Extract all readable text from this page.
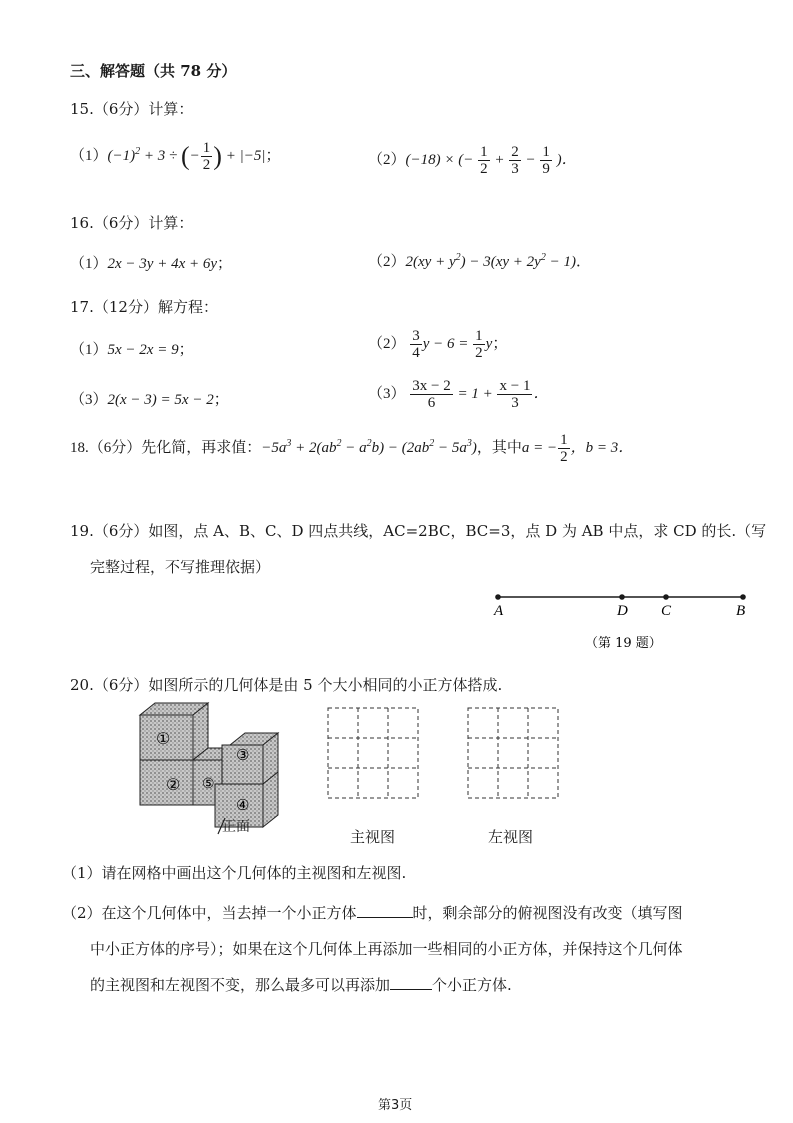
三、解答题（共 78 分）
15.（6分）计算：
$(1)(-1)^2 + 3$ ÷ (− $\frac{1}{2}$ ) + |−5|；	（2）(−18) × (− $\frac{1}{2} + \frac{2}{3} - \frac{1}{9}$ )．
16.（6分）计算：
（1）2x − 3y + 4x + 6y；	$(2)2(xy + y^2) - 3(xy + 2y^2 - 1)$．
17.（12分）解方程：
（1）5x − 2x = 9；	$(2) \frac{3}{4}$ $y - 6 = \frac{1}{2}$ y；
（3）2(x − 3) = 5x − 2；	$(3) \frac{3x - 2}{6} = 1 + \frac{x - 1}{3}$ ．
18.（6分）先化简，再求值：$-5a^3 + 2(ab^2 - a^2b) - (2ab^2 - 5a^3)$，其中a = − $\frac{1}{2}$ ，b = 3．
19.（6分）如图，点 A、B、C、D 四点共线，AC=2BC，BC=3，点 D 为 AB 中点，求 CD 的长.（写
完整过程，不写推理依据）
A	D C	B
（第 19 题）
20.（6分）如图所示的几何体是由 5 个大小相同的小正方体搭成.
①
②
③
④
⑤
正面
主视图	左视图
（1）请在网格中画出这个几何体的主视图和左视图.
（2）在这个几何体中，当去掉一个小正方体	时，剩余部分的俯视图没有改变（填写图
中小正方体的序号）；如果在这个几何体上再添加一些相同的小正方体，并保持这个几何体
的主视图和左视图不变，那么最多可以再添加	个小正方体.
第3页
